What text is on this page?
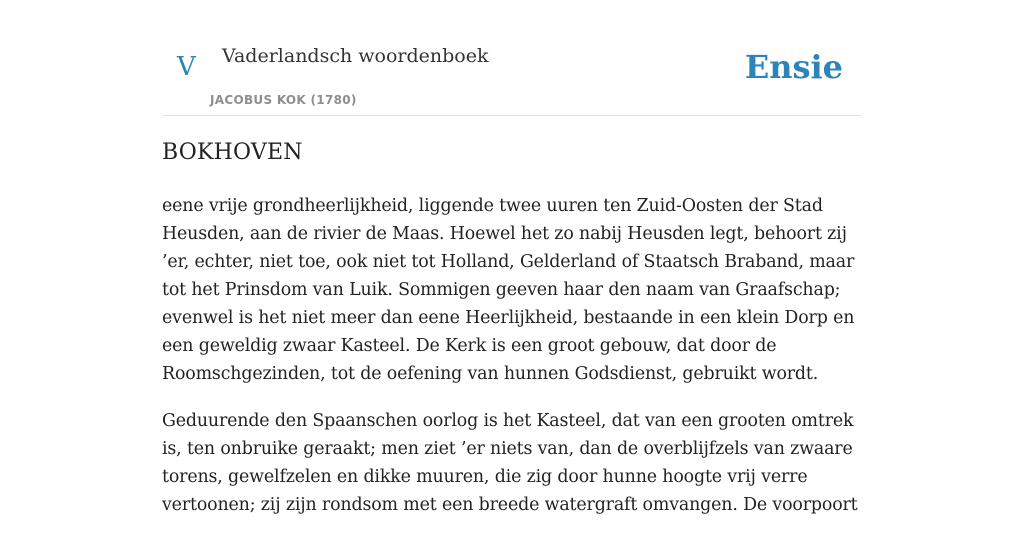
V Vaderlandsch woordenboek
JACOBUS KOK (1780)
Ensie
BOKHOVEN

eene vrije grondheerlijkheid, liggende twee uuren ten Zuid-Oosten der Stad Heusden, aan de rivier de Maas. Hoewel het zo nabij Heusden legt, behoort zij ’er, echter, niet toe, ook niet tot Holland, Gelderland of Staatsch Braband, maar tot het Prinsdom van Luik. Sommigen geeven haar den naam van Graafschap; evenwel is het niet meer dan eene Heerlijkheid, bestaande in een klein Dorp en een geweldig zwaar Kasteel. De Kerk is een groot gebouw, dat door de Roomschgezinden, tot de oefening van hunnen Godsdienst, gebruikt wordt.

Geduurende den Spaanschen oorlog is het Kasteel, dat van een grooten omtrek is, ten onbruike geraakt; men ziet ’er niets van, dan de overblijfzels van zwaare torens, gewelfzelen en dikke muuren, die zig door hunne hoogte vrij verre vertoonen; zij zijn rondsom met een breede watergraft omvangen. De voorpoort
